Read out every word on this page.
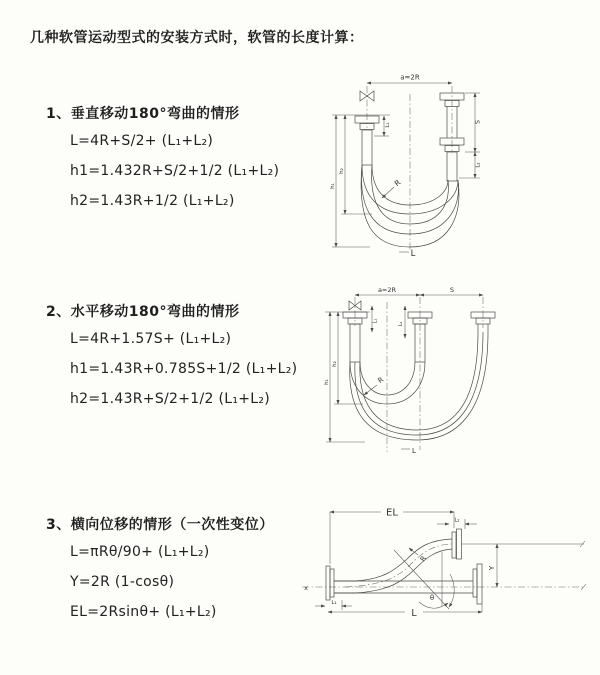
几种软管运动型式的安装方式时，软管的长度计算：
1、垂直移动180°弯曲的情形
L=4R+S/2+ (L₁+L₂)
h1=1.432R+S/2+1/2 (L₁+L₂)
h2=1.43R+1/2 (L₁+L₂)
a=2R
L₁
S
L₂
h₁
h₂
R
L
2、水平移动180°弯曲的情形
L=4R+1.57S+ (L₁+L₂)
h1=1.43R+0.785S+1/2 (L₁+L₂)
h2=1.43R+S/2+1/2 (L₁+L₂)
a=2R	S
L₁
L₂
h₁
h₂
R
L
3、横向位移的情形（一次性变位）
L=πRθ/90+ (L₁+L₂)
Y=2R (1-cosθ)
EL=2Rsinθ+ (L₁+L₂)
x
EL
L₂
Y
R
θ
L₁
L
